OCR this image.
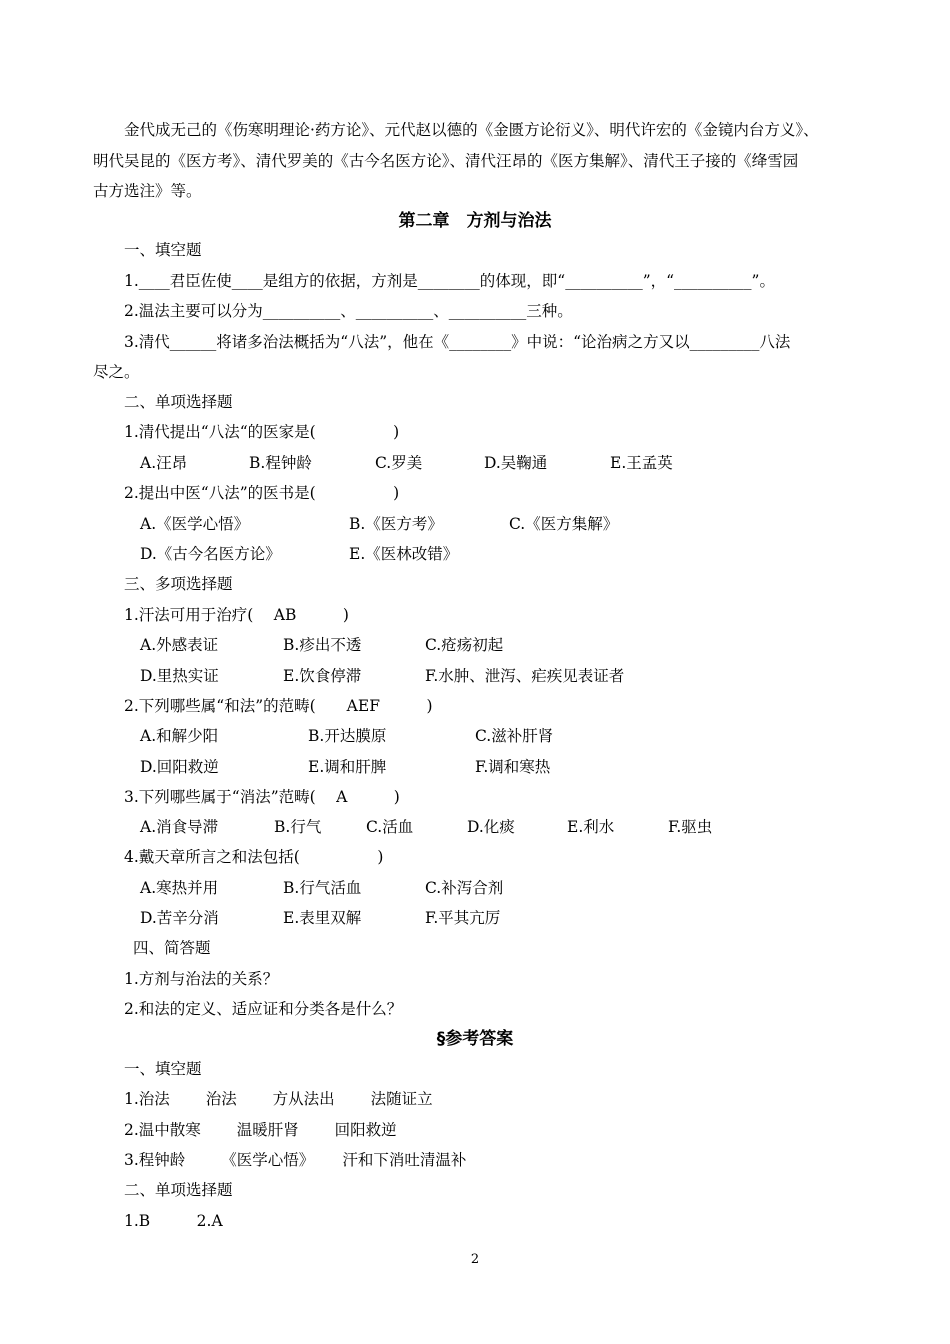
金代成无己的《伤寒明理论·药方论》、元代赵以德的《金匮方论衍义》、明代许宏的《金镜内台方义》、
明代吴昆的《医方考》、清代罗美的《古今名医方论》、清代汪昂的《医方集解》、清代王子接的《绛雪园
古方选注》等。
第二章　方剂与治法
一、填空题
1.____君臣佐使____是组方的依据，方剂是________的体现，即“__________”，“__________”。
2.温法主要可以分为__________、__________、__________三种。
3.清代______将诸多治法概括为“八法”，他在《________》中说：“论治病之方又以_________八法
尽之。
二、单项选择题
1.清代提出“八法“的医家是(　　　　　)
A.汪昂	B.程钟龄	C.罗美	D.吴鞠通	E.王孟英
2.提出中医“八法”的医书是(　　　　　)
A.《医学心悟》	B.《医方考》	C.《医方集解》
D.《古今名医方论》	E.《医林改错》
三、多项选择题
1.汗法可用于治疗(　 AB　　　)
A.外感表证	B.疹出不透	C.疮疡初起
D.里热实证	E.饮食停滞	F.水肿、泄泻、疟疾见表证者
2.下列哪些属“和法”的范畴(　　AEF　　　)
A.和解少阳	B.开达膜原	C.滋补肝肾
D.回阳救逆	E.调和肝脾	F.调和寒热
3.下列哪些属于“消法”范畴(　 A　　　)
A.消食导滞	B.行气	C.活血	D.化痰	E.利水	F.驱虫
4.戴天章所言之和法包括(　　　　　)
A.寒热并用	B.行气活血	C.补泻合剂
D.苦辛分消	E.表里双解	F.平其亢厉
四、简答题
1.方剂与治法的关系？
2.和法的定义、适应证和分类各是什么？
§参考答案
一、填空题
1.治法　　 治法　　 方从法出　　 法随证立
2.温中散寒　　 温暖肝肾　　 回阳救逆
3.程钟龄　　 《医学心悟》　　 汗和下消吐清温补
二、单项选择题
1.B　　　2.A
2
